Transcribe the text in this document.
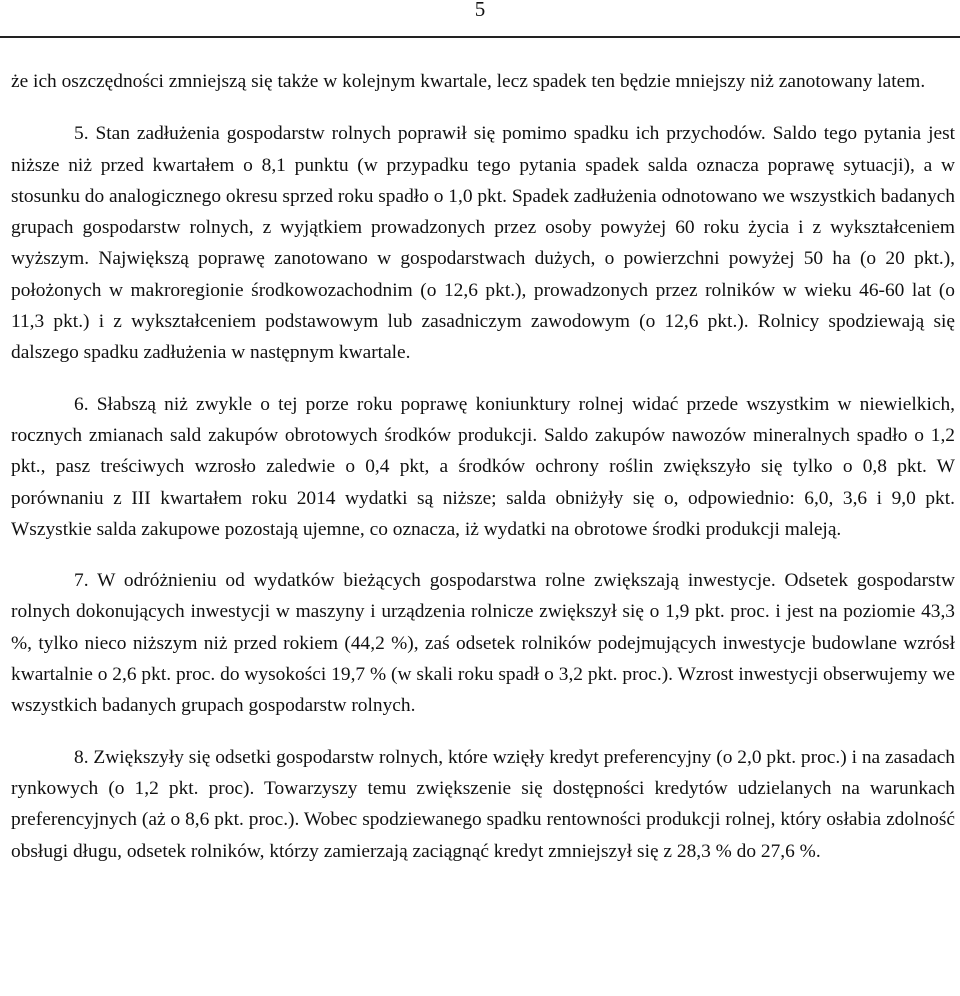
5

że ich oszczędności zmniejszą się także w kolejnym kwartale, lecz spadek ten będzie mniejszy niż zanotowany latem.

5. Stan zadłużenia gospodarstw rolnych poprawił się pomimo spadku ich przychodów. Saldo tego pytania jest niższe niż przed kwartałem o 8,1 punktu (w przypadku tego pytania spadek salda oznacza poprawę sytuacji), a w stosunku do analogicznego okresu sprzed roku spadło o 1,0 pkt. Spadek zadłużenia odnotowano we wszystkich badanych grupach gospodarstw rolnych, z wyjątkiem prowadzonych przez osoby powyżej 60 roku życia i z wykształceniem wyższym. Największą poprawę zanotowano w gospodarstwach dużych, o powierzchni powyżej 50 ha (o 20 pkt.), położonych w makroregionie środkowozachodnim (o 12,6 pkt.), prowadzonych przez rolników w wieku 46-60 lat (o 11,3 pkt.) i z wykształceniem podstawowym lub zasadniczym zawodowym (o 12,6 pkt.). Rolnicy spodziewają się dalszego spadku zadłużenia w następnym kwartale.

6. Słabszą niż zwykle o tej porze roku poprawę koniunktury rolnej widać przede wszystkim w niewielkich, rocznych zmianach sald zakupów obrotowych środków produkcji. Saldo zakupów nawozów mineralnych spadło o 1,2 pkt., pasz treściwych wzrosło zaledwie o 0,4 pkt, a środków ochrony roślin zwiększyło się tylko o 0,8 pkt. W porównaniu z III kwartałem roku 2014 wydatki są niższe; salda obniżyły się o, odpowiednio: 6,0, 3,6 i 9,0 pkt. Wszystkie salda zakupowe pozostają ujemne, co oznacza, iż wydatki na obrotowe środki produkcji maleją.

7. W odróżnieniu od wydatków bieżących gospodarstwa rolne zwiększają inwestycje. Odsetek gospodarstw rolnych dokonujących inwestycji w maszyny i urządzenia rolnicze zwiększył się o 1,9 pkt. proc. i jest na poziomie 43,3 %, tylko nieco niższym niż przed rokiem (44,2 %), zaś odsetek rolników podejmujących inwestycje budowlane wzrósł kwartalnie o 2,6 pkt. proc. do wysokości 19,7 % (w skali roku spadł o 3,2 pkt. proc.). Wzrost inwestycji obserwujemy we wszystkich badanych grupach gospodarstw rolnych.

8. Zwiększyły się odsetki gospodarstw rolnych, które wzięły kredyt preferencyjny (o 2,0 pkt. proc.) i na zasadach rynkowych (o 1,2 pkt. proc). Towarzyszy temu zwiększenie się dostępności kredytów udzielanych na warunkach preferencyjnych (aż o 8,6 pkt. proc.). Wobec spodziewanego spadku rentowności produkcji rolnej, który osłabia zdolność obsługi długu, odsetek rolników, którzy zamierzają zaciągnąć kredyt zmniejszył się z 28,3 % do 27,6 %.
